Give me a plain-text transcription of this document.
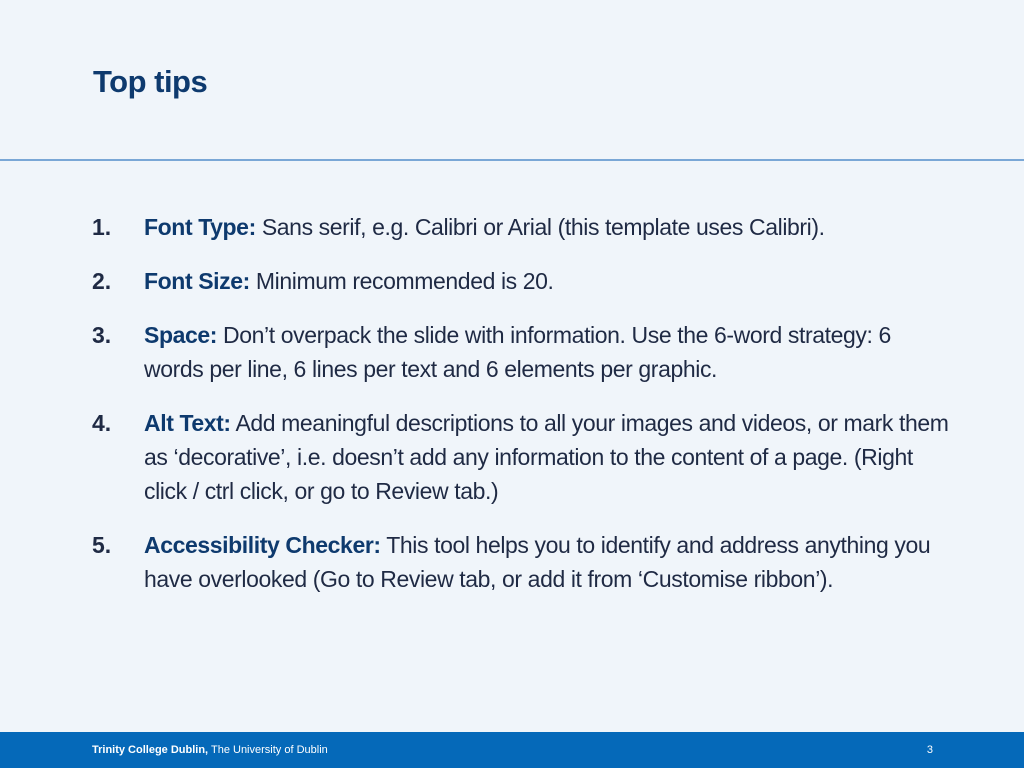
Top tips
1.	Font Type: Sans serif, e.g. Calibri or Arial (this template uses Calibri).
2.	Font Size: Minimum recommended is 20.
3.	Space: Don’t overpack the slide with information. Use the 6-word strategy: 6 words per line, 6 lines per text and 6 elements per graphic.
4.	Alt Text: Add meaningful descriptions to all your images and videos, or mark them as ‘decorative’, i.e. doesn’t add any information to the content of a page. (Right click / ctrl click, or go to Review tab.)
5.	Accessibility Checker: This tool helps you to identify and address anything you have overlooked (Go to Review tab, or add it from ‘Customise ribbon’).
Trinity College Dublin, The University of Dublin	3
